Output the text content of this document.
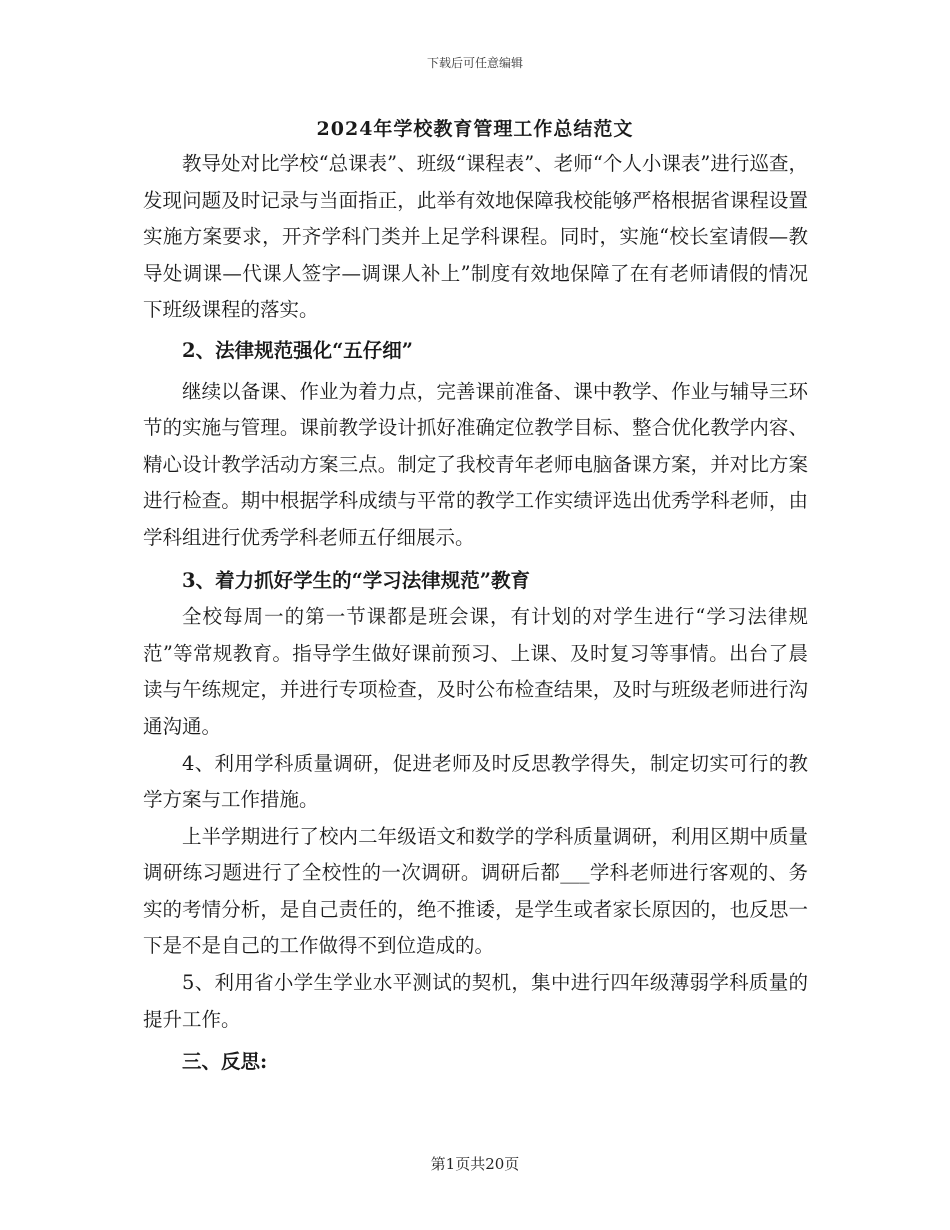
下载后可任意编辑
2024年学校教育管理工作总结范文

教导处对比学校“总课表”、班级“课程表”、老师“个人小课表”进行巡查，发现问题及时记录与当面指正，此举有效地保障我校能够严格根据省课程设置实施方案要求，开齐学科门类并上足学科课程。同时，实施“校长室请假—教导处调课—代课人签字—调课人补上”制度有效地保障了在有老师请假的情况下班级课程的落实。

2、法律规范强化“五仔细”

继续以备课、作业为着力点，完善课前准备、课中教学、作业与辅导三环节的实施与管理。课前教学设计抓好准确定位教学目标、整合优化教学内容、精心设计教学活动方案三点。制定了我校青年老师电脑备课方案，并对比方案进行检查。期中根据学科成绩与平常的教学工作实绩评选出优秀学科老师，由学科组进行优秀学科老师五仔细展示。

3、着力抓好学生的“学习法律规范”教育

全校每周一的第一节课都是班会课，有计划的对学生进行“学习法律规范”等常规教育。指导学生做好课前预习、上课、及时复习等事情。出台了晨读与午练规定，并进行专项检查，及时公布检查结果，及时与班级老师进行沟通沟通。

4、利用学科质量调研，促进老师及时反思教学得失，制定切实可行的教学方案与工作措施。

上半学期进行了校内二年级语文和数学的学科质量调研，利用区期中质量调研练习题进行了全校性的一次调研。调研后都___学科老师进行客观的、务实的考情分析，是自己责任的，绝不推诿，是学生或者家长原因的，也反思一下是不是自己的工作做得不到位造成的。

5、利用省小学生学业水平测试的契机，集中进行四年级薄弱学科质量的提升工作。

三、反思:

第1页共20页
